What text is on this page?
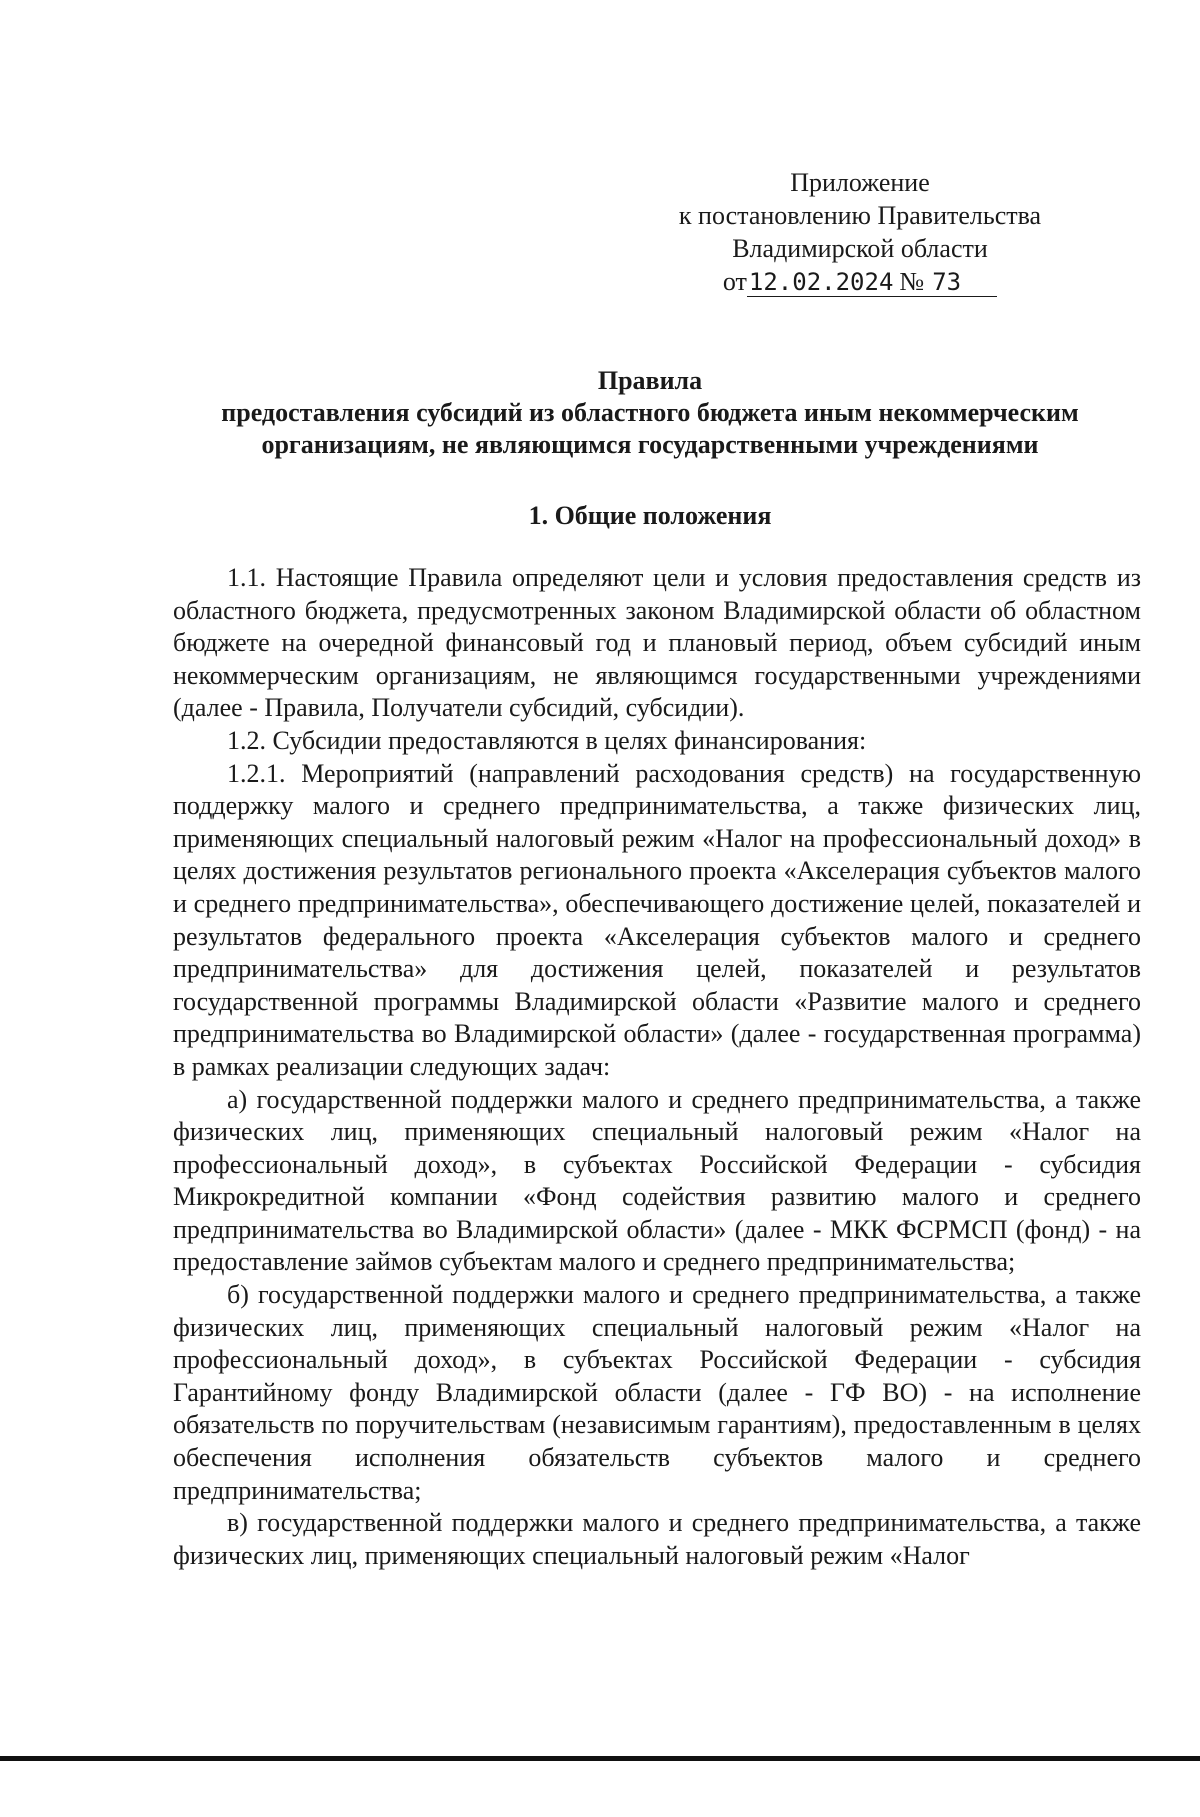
Приложение
к постановлению Правительства
Владимирской области
от12.02.2024 № 73
Правила
предоставления субсидий из областного бюджета иным некоммерческим
организациям, не являющимся государственными учреждениями
1. Общие положения

1.1. Настоящие Правила определяют цели и условия предоставления средств из областного бюджета, предусмотренных законом Владимирской области об областном бюджете на очередной финансовый год и плановый период, объем субсидий иным некоммерческим организациям, не являющимся государственными учреждениями (далее - Правила, Получатели субсидий, субсидии).

1.2. Субсидии предоставляются в целях финансирования:

1.2.1. Мероприятий (направлений расходования средств) на государственную поддержку малого и среднего предпринимательства, а также физических лиц, применяющих специальный налоговый режим «Налог на профессиональный доход» в целях достижения результатов регионального проекта «Акселерация субъектов малого и среднего предпринимательства», обеспечивающего достижение целей, показателей и результатов федерального проекта «Акселерация субъектов малого и среднего предпринимательства» для достижения целей, показателей и результатов государственной программы Владимирской области «Развитие малого и среднего предпринимательства во Владимирской области» (далее - государственная программа) в рамках реализации следующих задач:

а) государственной поддержки малого и среднего предпринимательства, а также физических лиц, применяющих специальный налоговый режим «Налог на профессиональный доход», в субъектах Российской Федерации - субсидия Микрокредитной компании «Фонд содействия развитию малого и среднего предпринимательства во Владимирской области» (далее - МКК ФСРМСП (фонд) - на предоставление займов субъектам малого и среднего предпринимательства;

б) государственной поддержки малого и среднего предпринимательства, а также физических лиц, применяющих специальный налоговый режим «Налог на профессиональный доход», в субъектах Российской Федерации - субсидия Гарантийному фонду Владимирской области (далее - ГФ ВО) - на исполнение обязательств по поручительствам (независимым гарантиям), предоставленным в целях обеспечения исполнения обязательств субъектов малого и среднего предпринимательства;

в) государственной поддержки малого и среднего предпринимательства, а также физических лиц, применяющих специальный налоговый режим «Налог
